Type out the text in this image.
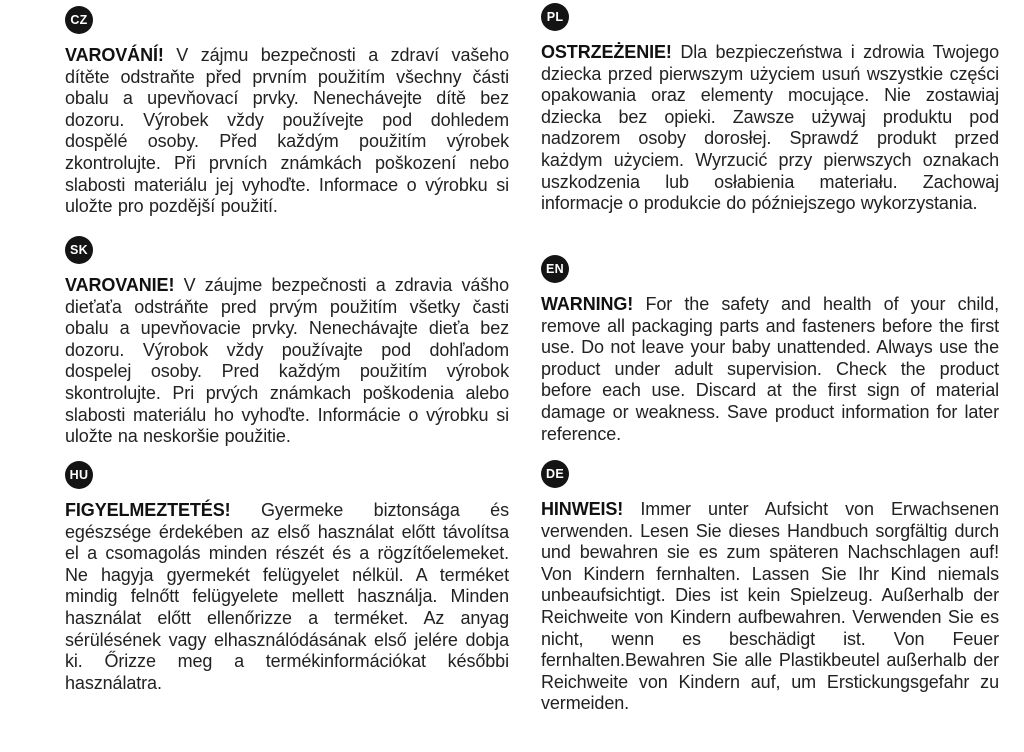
CZ

VAROVÁNÍ! V zájmu bezpečnosti a zdraví vašeho dítěte odstraňte před prvním použitím všechny části obalu a upevňovací prvky. Nenechávejte dítě bez dozoru. Výrobek vždy používejte pod dohledem dospělé osoby. Před každým použitím výrobek zkontrolujte. Při prvních známkách poškození nebo slabosti materiálu jej vyhoďte. Informace o výrobku si uložte pro pozdější použití.

SK

VAROVANIE! V záujme bezpečnosti a zdravia vášho dieťaťa odstráňte pred prvým použitím všetky časti obalu a upevňovacie prvky. Nenechávajte dieťa bez dozoru. Výrobok vždy používajte pod dohľadom dospelej osoby. Pred každým použitím výrobok skontrolujte. Pri prvých známkach poškodenia alebo slabosti materiálu ho vyhoďte. Informácie o výrobku si uložte na neskoršie použitie.

HU

FIGYELMEZTETÉS! Gyermeke biztonsága és egészsége érdekében az első használat előtt távolítsa el a csomagolás minden részét és a rögzítőelemeket. Ne hagyja gyermekét felügyelet nélkül. A terméket mindig felnőtt felügyelete mellett használja. Minden használat előtt ellenőrizze a terméket. Az anyag sérülésének vagy elhasználódásának első jelére dobja ki. Őrizze meg a termékinformációkat későbbi használatra.

PL

OSTRZEŻENIE! Dla bezpieczeństwa i zdrowia Twojego dziecka przed pierwszym użyciem usuń wszystkie części opakowania oraz elementy mocujące. Nie zostawiaj dziecka bez opieki. Zawsze używaj produktu pod nadzorem osoby dorosłej. Sprawdź produkt przed każdym użyciem. Wyrzucić przy pierwszych oznakach uszkodzenia lub osłabienia materiału. Zachowaj informacje o produkcie do późniejszego wykorzystania.

EN

WARNING! For the safety and health of your child, remove all packaging parts and fasteners before the first use. Do not leave your baby unattended. Always use the product under adult supervision. Check the product before each use. Discard at the first sign of material damage or weakness. Save product information for later reference.

DE

HINWEIS! Immer unter Aufsicht von Erwachsenen verwenden. Lesen Sie dieses Handbuch sorgfältig durch und bewahren sie es zum späteren Nachschlagen auf! Von Kindern fernhalten. Lassen Sie Ihr Kind niemals unbeaufsichtigt. Dies ist kein Spielzeug. Außerhalb der Reichweite von Kindern aufbewahren. Verwenden Sie es nicht, wenn es beschädigt ist. Von Feuer fernhalten.Bewahren Sie alle Plastikbeutel außerhalb der Reichweite von Kindern auf, um Erstickungsgefahr zu vermeiden.
